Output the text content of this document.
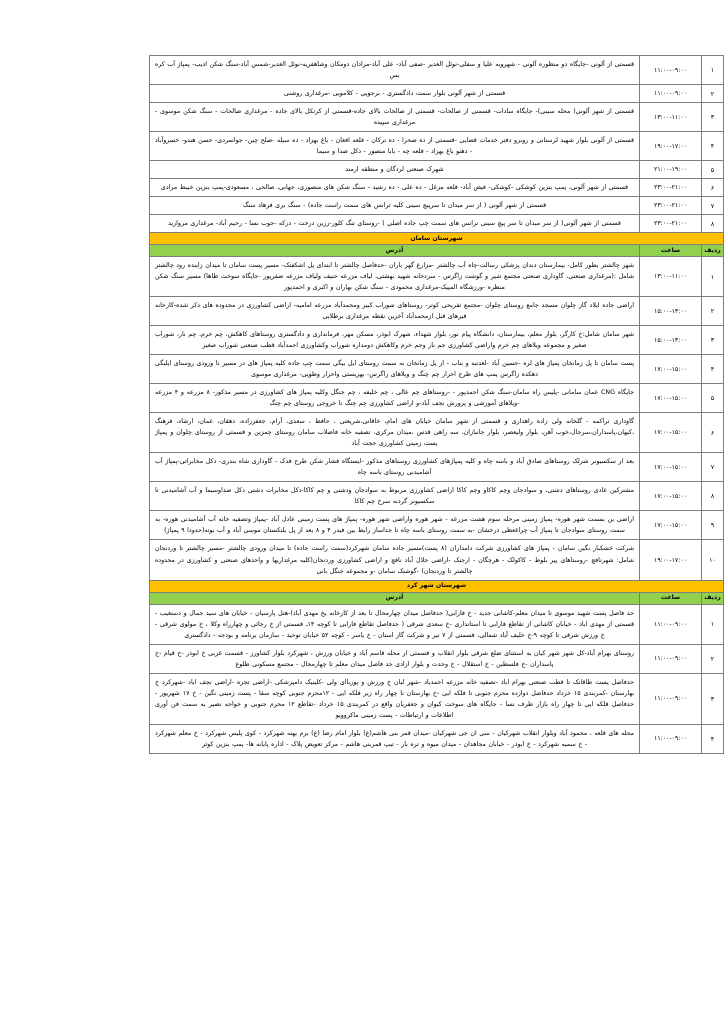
۱	۱۱:۰۰-۰۹:۰۰	قسمتی از آلونی -جایگاه دو منظوره آلونی - شهرویه علیا و سفلی-نوئل الغدیر -صفی آباد- علی آباد-مرادان دومکان وشاهفریه-نوئل الغدیر-شمس آباد-سنگ شکن ادیب- پمپاژ آب کره بس
۲	۱۱:۰۰-۰۹:۰۰	قسمتی از شهر آلونی بلوار سمت دادگستری - برجویی - کلامویی -مرغداری روشنی
۳	۱۳:۰۰-۱۱:۰۰	قسمتی از شهر آلونی( محله سینی)- جایگاه سادات- قسمتی از صالحات- قسمتی از صالحات بالای جاده-قسمتی از کرتکل بالای جاده - مرغداری صالحات - سنگ شکن موسوی - مرغداری سپیده
۴	۱۹:۰۰-۱۷:۰۰	قسمتی از آلونی بلوار شهید لرستانی و روبرو دفتر خدمات قضایی -قسمتی از ده صحرا - ده ترکان - قلعه افغان - باغ بهزاد - ده سیله -صلح چین- جوانمردی- حسن هندو- خسروآباد - دهنو باغ بهزاد - قلعه چه - بابا منصور - دکل صدا و سیما
۵	۲۱:۰۰-۱۹:۰۰	شهرک صنعتی لردگان و منطقه ارمند
۶	۲۳:۰۰-۲۱:۰۰	قسمتی از شهر آلونی، پمپ بنزین کوشکی -کوشکی- فیض آباد- قلعه مزغل - ده علی - ده رشید - سنگ شکن های منصوری، جهانی، صالحی ، مسعودی-پمپ بنزین خیبط مرادی
۷	۲۳:۰۰-۲۱:۰۰	قسمتی از شهر آلونی ( از سر میدان تا سرپیچ سینی کلیه ترانس های سمت راست جاده) - سنگ بری فرهاد سنگ
۸	۲۳:۰۰-۲۱:۰۰	قسمتی از شهر آلونی( از سر میدان تا سر پیچ سینی ترانس های سمت چپ جاده اصلی ) -روستای تنگ کلور-زرین درخت - درکه -جوب نسا - رحیم آباد- مرغداری مروارید
شهرستان سامان		
ردیف	ساعت	آدرس
۱	۱۳:۰۰-۱۱:۰۰	شهر چالشتر بطور کامل- بیمارستان دندان پزشکی رسالت-چاه آب چالشتر -مزارع گهر باران -حدفاصل چالشتر تا ابتدای پل اشکفتک- مسیر پست سامان تا میدان زاینده رود چالشتر شامل :(مرغداری صنعتی، گاوداری صنعتی مجتمع شیر و گوشت زاگرس - سردخانه شهید بهشتی، لیاف مزرعه حنیف ولیاف مزرعه صفرپور -جایگاه سوخت طاها) مسیر سنگ شکن منظره -ورزشگاه المپیک-مرغداری محمودی - سنگ شکن بهاران و اکبری و احمدپور
۲	۱۵:۰۰-۱۳:۰۰	اراضی جاده ایلاد گاز چلوان مسجد جامع روستای چلوان -مجتمع تفریحی کوثر- روستاهای شوراب کبیر ومحمدآباد مزرعه امامیه- اراضی کشاورزی در محدوده های ذکر شده-کارخانه قیرهای قبل ازمحمدآباد آخرین نقطه مرغداری برطلایی
۳	۱۵:۰۰-۱۳:۰۰	شهر سامان شامل:خ کارگر، بلوار معلم، بیمارستان، دانشگاه پیام نور، بلوار شهداء، شهرک ابوذر، مسکن مهر، فرمانداری و دادگستری روستاهای کاهکش، چم خرم، چم نار، شوراب صغیر و مجموعه ویلاهای چم خرم واراضی کشاورزی جم نار وجم خرم وکاهکش دومداره شوراب وکشاورزی احمدآباد قطب صنعتی شوراب صغیر
۴	۱۷:۰۰-۱۵:۰۰	پست سامان تا پل زمانخان پمپاژ های لره -حسین آباد -لغدنبه و بناب - از پل زمانخان به سمت روستای ایل بیگی سمت چپ جاده کلیه پمپاژ های در مسیر تا ورودی روستای ایلبگی دهکده زاگرس پمپ های طرح احرار چم چنگ و ویلاهای زاگرس- بهزیستی واحرار وطویی- مرغداری موسوی
۵	۱۷:۰۰-۱۵:۰۰	جایگاه CNG عمان سامانی -پلیس راه سامان-سنگ شکن احمدپور - -روستاهای چم عالی ، چم خلیفه ، چم جنگل وکلیه پمپاژ های کشاورزی در مسیر مذکور- ۸ مزرعه و ۴ مزرعه -ویلاهای آموزشی و پرورش نجف آباد-و اراضی کشاورزی چم چنگ تا خروجی روستای چم چنگ
۶	۱۷:۰۰-۱۵:۰۰	گاوداری تراکمه - گلخانه ولی زاده راهداری و قسمتی از شهر سامان خیابان های امام، خاقانی،شریعتی ، حافظ ، سعدی، آرام، جعفرزاده، دهقان، عمان، ارشاد، فرهنگ ،کیهان،پاسداران،سرجال،خوب آهن، بلوار ولیعصر، بلوار جانبازان، سه راهی قدس ،میدان مرکزی، تصفیه خانه فاضلاب سامان روستای چمزین و قسمتی از روستای چلوان و پمپاژ پست زمینی کشاورزی حجت آباد
۷	۱۷:۰۰-۱۵:۰۰	بعد از سکسیونر شرلک روستاهای صادق آباد و باسه چاه و کلیه پمپاژهای کشاورزی روستاهای مذکور -ایستگاه فشار شکن طرح فدک - گاوداری شاه بندری- دکل مخابراتی-پمپاژ آب آشامیدنی روستای باسه چاه
۸	۱۷:۰۰-۱۵:۰۰	مشترکین عادی روستاهای دشتی، و سوادجان وچم کاکاو وچم کاکا اراضی کشاورزی مربوط به سوادجان ودشتی و چم کاکا-دکل مخابرات دشتی دکل صداوسیما و آب آشامیدنی تا سکسیونر گردنه سرخ چم کاکا
۹	۱۷:۰۰-۱۵:۰۰	اراضی بن بسمت شهر هوره- پمپاژ زمینی مرحله سوم هشت مزرعه - شهر هوره واراضی شهر هوره- پمپاژ های پست زمینی عادل آباد -پمپاژ وتصفیه خانه آب آشامیدنی هوره- به سمت روستای سوادجان تا پمپاژ آب چراغعظی درخشان -به سمت روستای باسه چاه تا جداساز رابط بین فیدر ۴ و ۸ بعد از پل بلنکستان موسی آباد و آب بوته(حدودا ۹ پمپاژ)
۱۰	۱۹:۰۰-۱۷:۰۰	شرکت خشکبار نگین سامان - پمپاژ های کشاورزی شرکت دامداران (۸ پست)مسیر جاده سامان شهرکرد(سمت راست جاده) تا میدان ورودی چالشتر -مسیر چالشتر تا وردنجان شامل: شهرنافچ -روستاهای پیر بلوط - کاکولک - هرچگان - ارجنک -اراضی جلال آباد نافچ و اراضی کشاورزی وردنجان(کلیه مرغداریها و واحدهای صنعتی و کشاورزی در محدوده چالشتر تا وردنجان) -گوشتک سامان -و مجموعه جنگل بانی
شهرستان شهر کرد		
ردیف	ساعت	آدرس
۱	۱۱:۰۰-۰۹:۰۰	حد فاصل پست شهید موسوی تا میدان معلم-کاشانی جدید - خ فارابی( حدفاصل میدان چهارمحال تا بعد از کارخانه یخ مهدی آباد)-هتل پارسیان - خیابان های سید جمال و دستغیب - قسمتی از مهدی اباد - خیابان کاشانی از تقاطع فارابی تا استانداری -خ سعدی شرقی ( حدفاصل تقاطع فارابی تا کوچه ۱۴ـ قسمتی از خ رجائی و چهارراه وکلا ، خ مولوی شرقی - خ ورزش شرقی تا کوچه ۹-خ خلیف آباد شمالی، قسمتی از ۷ تیر و شرکت گاز استان - خ یاسر - کوچه ۵۲ خیابان توحید - سازمان برنامه و بودجه - دادگستری
۲	۱۱:۰۰-۰۹:۰۰	روستای بهرام آباد-کل شهر شهر کیان به استثنای ضلع شرقی بلوار انقلاب و قسمتی از محله قاسم آباد و خیابان ورزش ، شهرکرد بلوار کشاورز - قسمت غربی خ ابوذر -خ قیام -خ پاسداران -خ فلسطین - خ استقلال - خ وحدت و بلوار ازادی حد فاصل میدان معلم تا چهارمحال - مجتمع مسکونی طلوع
۳	۱۱:۰۰-۰۹:۰۰	حدفاصل پست طاقانک تا قطب صنعتی بهرام اباد -تصفیه خانه مزرعه احمدباد -شهر لبان خ ورزش و پورباای ولی -کلینیک دامپزشکی -اراضی تجره -اراضی نجف اباد -شهرکرد خ بهارستان -کمربندی ۱۵ خرداد حدفاصل دوازده محرم جنوبی تا فلکه ایی -خ بهارستان تا چهار راه زیر فلکه ایی - ۱۲محرم جنوبی کوچه سقا - پست زمینی نگین - خ ۱۷ شهریور - حدفاصل فلکه ایی تا چهار راه بازار طرف نسا - جایگاه های سوخت کیوان و جعفریان واقع در کمربندی ۱۵ خرداد -تقاطع ۱۲ محرم جنوبی و خواجه نصیر به سمت فن آوری اطلاعات و ارتباطات - پست زمینی ماکروویو
۴	۱۱:۰۰-۰۹:۰۰	محله های قلعه ، محمود آباد وبلوار انقلاب شهرکیان - سی ان جی شهرکیان -میدان قمر بنی هاشم(ع) بلوار امام رضا (ع) برم یهنه شهرکرد - کوی پلیس شهرکرد - خ معلم شهرکرد - خ سمیه شهرکرد - خ ابوذر - خیابان مجاهدان - میدان میوه و تره بار - تیپ قمربنی هاشم - مرکز تعویض پلاک - اداره پایانه ها- پمپ بنزین کوثر
